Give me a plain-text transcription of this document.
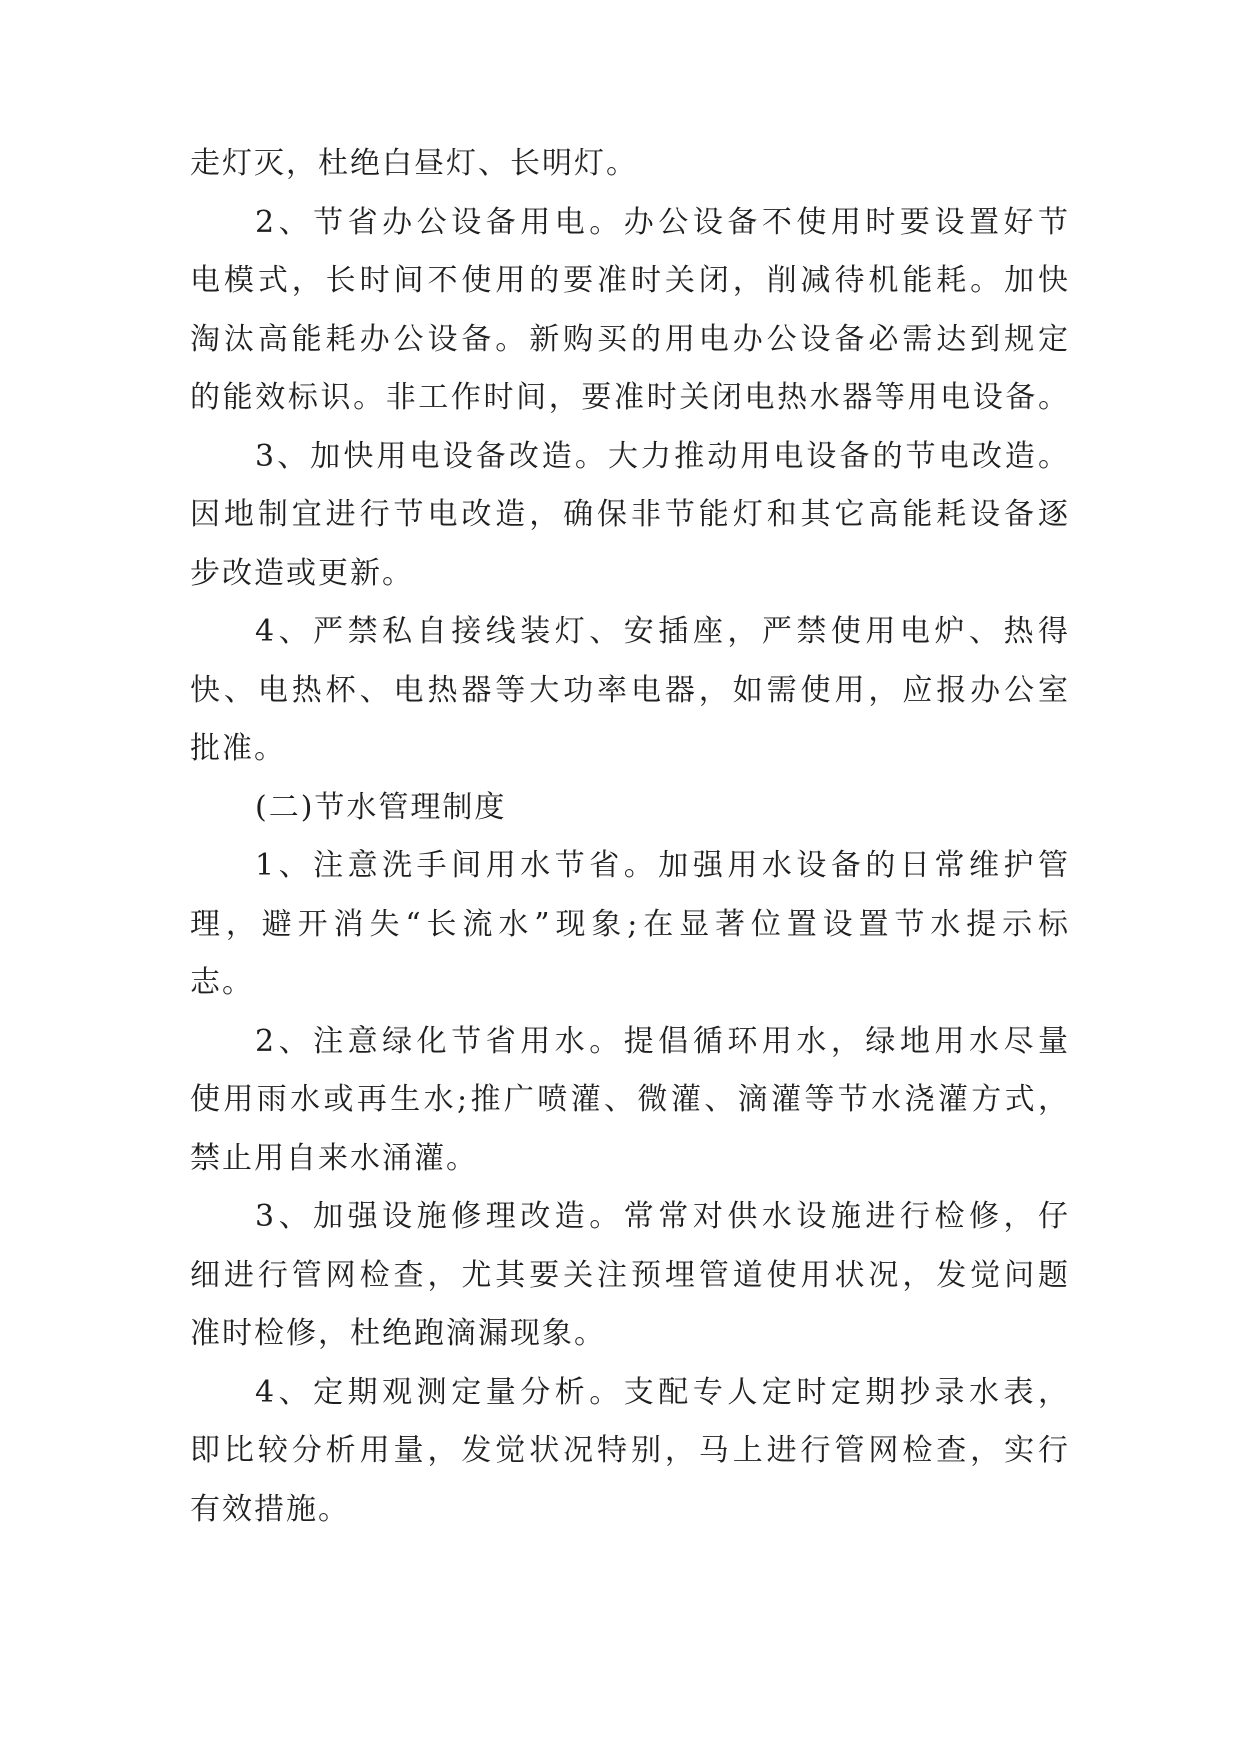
走灯灭，杜绝白昼灯、长明灯。

2、节省办公设备用电。办公设备不使用时要设置好节

电模式，长时间不使用的要准时关闭，削减待机能耗。加快

淘汰高能耗办公设备。新购买的用电办公设备必需达到规定

的能效标识。非工作时间，要准时关闭电热水器等用电设备。

3、加快用电设备改造。大力推动用电设备的节电改造。

因地制宜进行节电改造，确保非节能灯和其它高能耗设备逐

步改造或更新。

4、严禁私自接线装灯、安插座，严禁使用电炉、热得

快、电热杯、电热器等大功率电器，如需使用，应报办公室

批准。

(二)节水管理制度

1、注意洗手间用水节省。加强用水设备的日常维护管

理，避开消失“长流水”现象;在显著位置设置节水提示标

志。

2、注意绿化节省用水。提倡循环用水，绿地用水尽量

使用雨水或再生水;推广喷灌、微灌、滴灌等节水浇灌方式，

禁止用自来水涌灌。

3、加强设施修理改造。常常对供水设施进行检修，仔

细进行管网检查，尤其要关注预埋管道使用状况，发觉问题

准时检修，杜绝跑滴漏现象。

4、定期观测定量分析。支配专人定时定期抄录水表，

即比较分析用量，发觉状况特别，马上进行管网检查，实行

有效措施。
